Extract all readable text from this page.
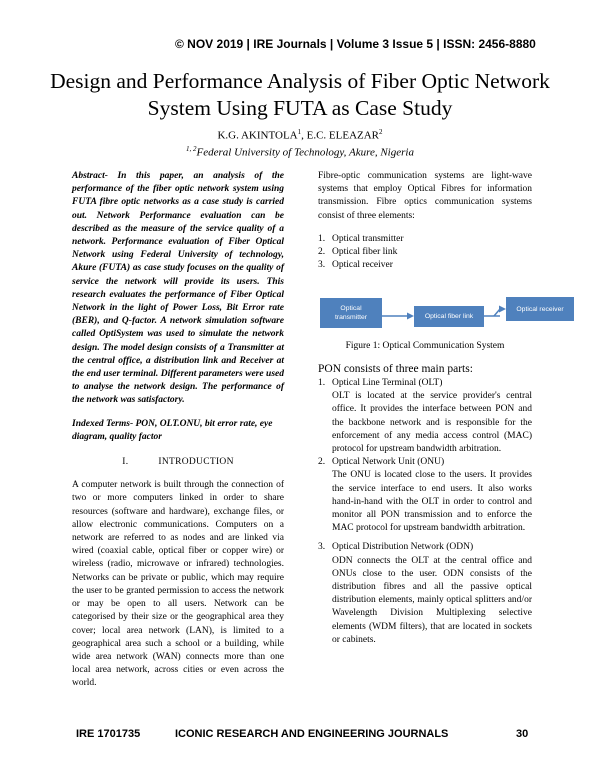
© NOV 2019 | IRE Journals | Volume 3 Issue 5 | ISSN: 2456-8880
Design and Performance Analysis of Fiber Optic Network System Using FUTA as Case Study
K.G. AKINTOLA$^1$, E.C. ELEAZAR$^2$
$^{1, 2}$Federal University of Technology, Akure, Nigeria
Abstract- In this paper, an analysis of the performance of the fiber optic network system using FUTA fibre optic networks as a case study is carried out. Network Performance evaluation can be described as the measure of the service quality of a network. Performance evaluation of Fiber Optical Network using Federal University of technology, Akure (FUTA) as case study focuses on the quality of service the network will provide its users. This research evaluates the performance of Fiber Optical Network in the light of Power Loss, Bit Error rate (BER), and Q-factor. A network simulation software called OptiSystem was used to simulate the network design. The model design consists of a Transmitter at the central office, a distribution link and Receiver at the end user terminal. Different parameters were used to analyse the network design. The performance of the network was satisfactory.
Indexed Terms- PON, OLT.ONU, bit error rate, eye diagram, quality factor
I.	INTRODUCTION
A computer network is built through the connection of two or more computers linked in order to share resources (software and hardware), exchange files, or allow electronic communications. Computers on a network are referred to as nodes and are linked via wired (coaxial cable, optical fiber or copper wire) or wireless (radio, microwave or infrared) technologies. Networks can be private or public, which may require the user to be granted permission to access the network or may be open to all users. Network can be categorised by their size or the geographical area they cover; local area network (LAN), is limited to a geographical area such a school or a building, while wide area network (WAN) connects more than one local area network, across cities or even across the world.
Fibre-optic communication systems are light-wave systems that employ Optical Fibres for information transmission. Fibre optics communication systems consist of three elements:
1. Optical transmitter
2. Optical fiber link
3. Optical receiver
Optical transmitter	Optical fiber link
Optical receiver
Figure 1: Optical Communication System
PON consists of three main parts:
1. Optical Line Terminal (OLT)

OLT is located at the service provider's central office. It provides the interface between PON and the backbone network and is responsible for the enforcement of any media access control (MAC) protocol for upstream bandwidth arbitration.

2. Optical Network Unit (ONU)

The ONU is located close to the users. It provides the service interface to end users. It also works hand-in-hand with the OLT in order to control and monitor all PON transmission and to enforce the MAC protocol for upstream bandwidth arbitration.

3. Optical Distribution Network (ODN)

ODN connects the OLT at the central office and ONUs close to the user. ODN consists of the distribution fibres and all the passive optical distribution elements, mainly optical splitters and/or Wavelength Division Multiplexing selective elements (WDM filters), that are located in sockets or cabinets.

IRE 1701735	ICONIC RESEARCH AND ENGINEERING JOURNALS	30
